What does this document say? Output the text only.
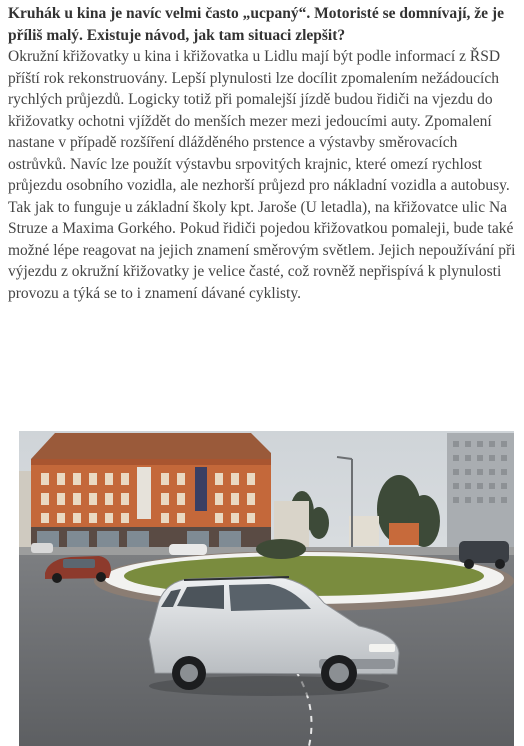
Kruhák u kina je navíc velmi často „ucpaný“. Motoristé se domnívají, že je příliš malý. Existuje návod, jak tam situaci zlepšit?

Okružní křižovatky u kina i křižovatka u Lidlu mají být podle informací z ŘSD příští rok rekonstruovány. Lepší plynulosti lze docílit zpomalením nežádoucích rychlých průjezdů. Logicky totiž při pomalejší jízdě budou řidiči na vjezdu do křižovatky ochotni vjíždět do menších mezer mezi jedoucími auty. Zpomalení nastane v případě rozšíření dlážděného prstence a výstavby směrovacích ostrůvků. Navíc lze použít výstavbu srpovitých krajnic, které omezí rychlost průjezdu osobního vozidla, ale nezhorší průjezd pro nákladní vozidla a autobusy. Tak jak to funguje u základní školy kpt. Jaroše (U letadla), na křižovatce ulic Na Struze a Maxima Gorkého. Pokud řidiči pojedou křižovatkou pomaleji, bude také možné lépe reagovat na jejich znamení směrovým světlem. Jejich nepoužívání při výjezdu z okružní křižovatky je velice časté, což rovněž nepřispívá k plynulosti provozu a týká se to i znamení dávané cyklisty.
